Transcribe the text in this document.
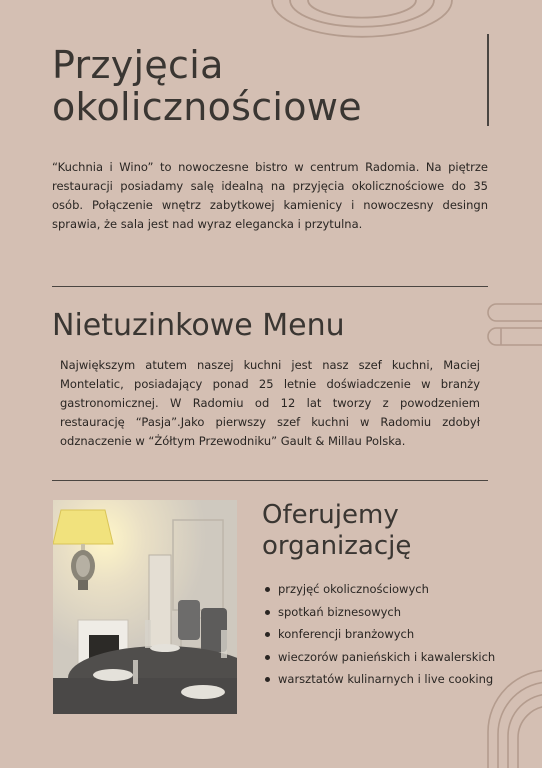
Przyjęcia okolicznościowe

“Kuchnia i Wino” to nowoczesne bistro w centrum Radomia. Na piętrze restauracji posiadamy salę idealną na przyjęcia okolicznościowe do 35 osób. Połączenie wnętrz zabytkowej kamienicy i nowoczesny desingn sprawia, że sala jest nad wyraz elegancka i przytulna.

Nietuzinkowe Menu

Największym atutem naszej kuchni jest nasz szef kuchni, Maciej Montelatic, posiadający ponad 25 letnie doświadczenie w branży gastronomicznej. W Radomiu od 12 lat tworzy z powodzeniem restaurację “Pasja”.Jako pierwszy szef kuchni w Radomiu zdobył odznaczenie w “Żółtym Przewodniku” Gault & Millau Polska.

Oferujemy organizację
przyjęć okolicznościowych
spotkań biznesowych
konferencji branżowych
wieczorów panieńskich i kawalerskich
warsztatów kulinarnych i live cooking
